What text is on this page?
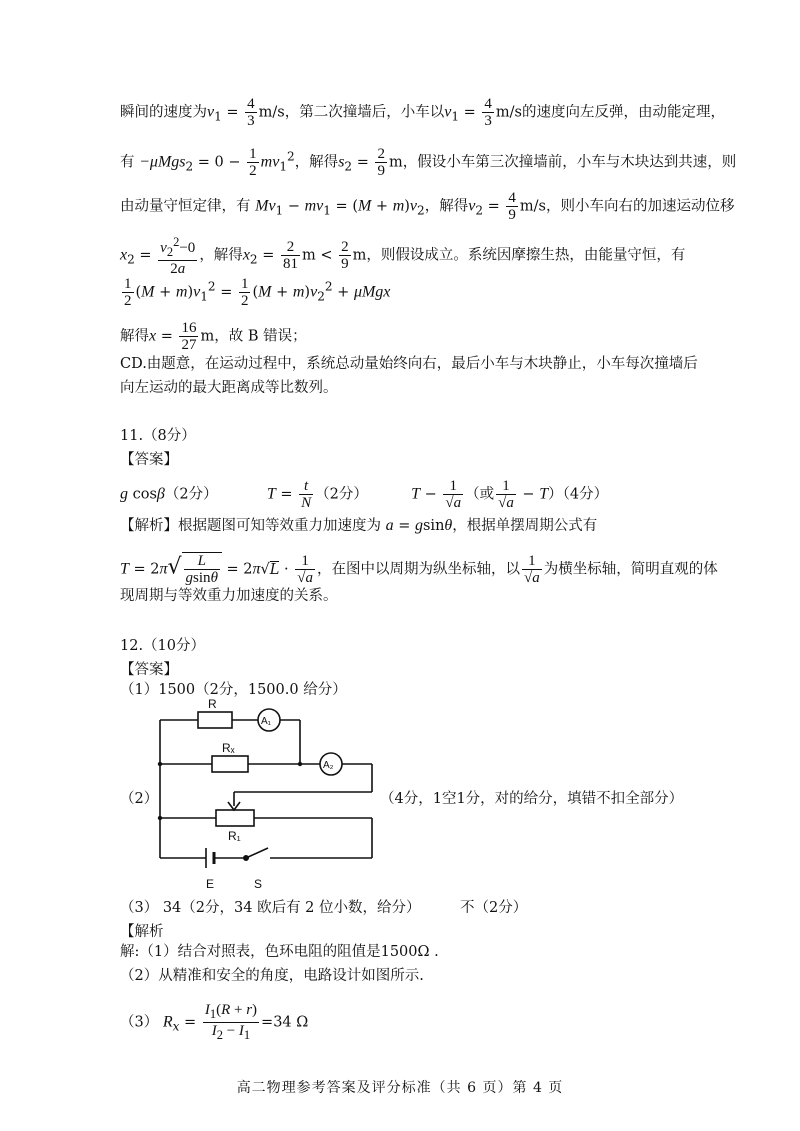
瞬间的速度为$v_1 = \frac{4}{3} m/s$，第二次撞墙后，小车以$v_1 = \frac{4}{3} m/s$的速度向左反弹，由动能定理，
有 $-\mu Mgs_2 = 0 - \frac{1}{2} mv_1^2$，解得$s_2 = \frac{2}{9}$ m，假设小车第三次撞墙前，小车与木块达到共速，则
由动量守恒定律，有 $Mv_1 - mv_1 = (M + m)v_2$，解得$v_2 = \frac{4}{9} m/s$，则小车向右的加速运动位移
$x_2 = \frac{v_2^2-0}{2a}$ ，解得$x_2 = \frac{2}{81}$ $m < \frac{2}{9}$ m，则假设成立。系统因摩擦生热，由能量守恒，有
$\frac{1}{2} (M + m)v_1^2 = \frac{1}{2} (M + m)v_2^2 + \mu Mgx$
解得$x = \frac{16}{27}$ m，故 B 错误；
CD.由题意，在运动过程中，系统总动量始终向右，最后小车与木块静止，小车每次撞墙后
向左运动的最大距离成等比数列。
11.（8分）
【答案】
g cosβ（2分）	$T = \frac{t}{N} (2$分）	$T - \frac{1}{√a}$ （或 $\frac{1}{√a} - T)(4$分）
【解析】根据题图可知等效重力加速度为 a = gsinθ，根据单摆周期公式有
$T = 2\pi√ \frac{L}{gsin\theta} = 2\pi√L \cdot \frac{1}{√a}$ ，在图中以周期为纵坐标轴，以 $\frac{1}{√a}$ 为横坐标轴，简明直观的体
现周期与等效重力加速度的关系。
12.（10分）
【答案】
（1）1500（2分，1500.0 给分）
（2）	（4分，1空1分，对的给分，填错不扣全部分）
R
A₁
Rₓ
A₂
R₁
E	S
（3） 34（2分，34 欧后有 2 位小数，给分）	不（2分）
【解析
解:（1）结合对照表，色环电阻的阻值是1500Ω .
（2）从精准和安全的角度，电路设计如图所示.
（3） $R_x = \frac{I_1(R + r)}{I_2 - I_1} =34$ Ω
高二物理参考答案及评分标准（共 6 页）第 4 页
